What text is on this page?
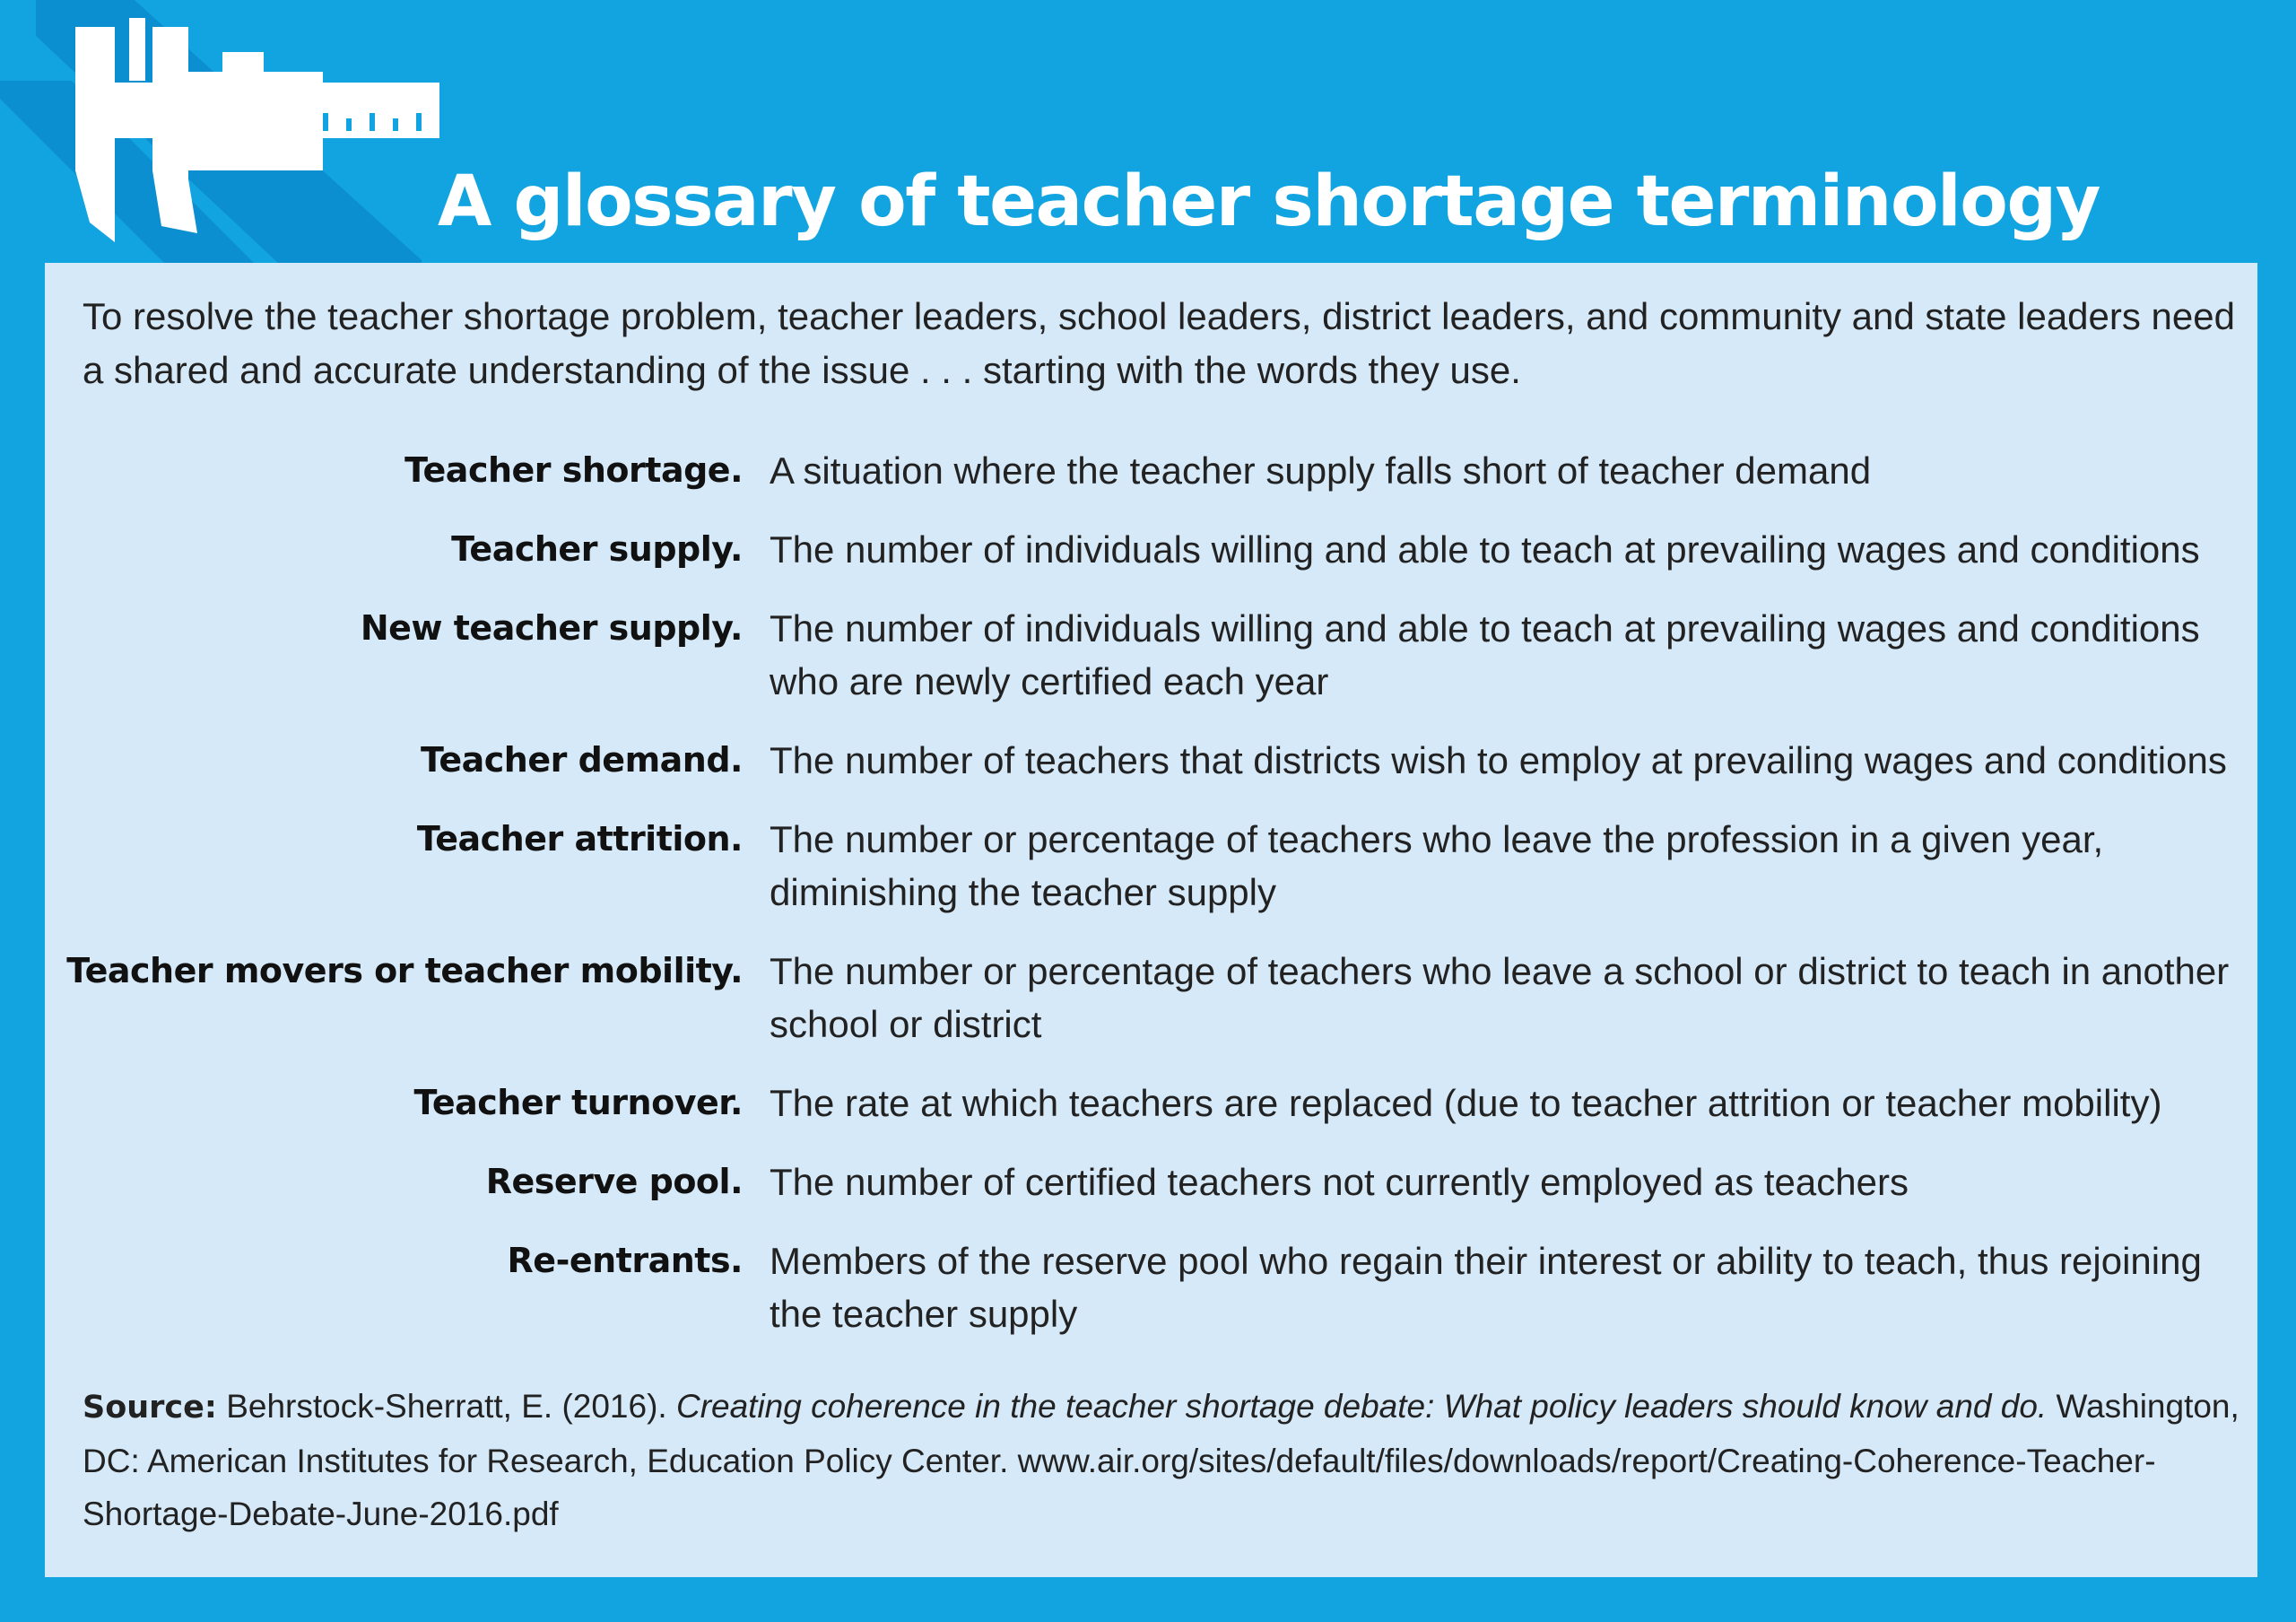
A glossary of teacher shortage terminology

To resolve the teacher shortage problem, teacher leaders, school leaders, district leaders, and community and state leaders need a shared and accurate understanding of the issue . . . starting with the words they use.

Teacher shortage. A situation where the teacher supply falls short of teacher demand
Teacher supply. The number of individuals willing and able to teach at prevailing wages and conditions
New teacher supply. The number of individuals willing and able to teach at prevailing wages and conditions who are newly certified each year
Teacher demand. The number of teachers that districts wish to employ at prevailing wages and conditions
Teacher attrition. The number or percentage of teachers who leave the profession in a given year, diminishing the teacher supply
Teacher movers or teacher mobility. The number or percentage of teachers who leave a school or district to teach in another school or district
Teacher turnover. The rate at which teachers are replaced (due to teacher attrition or teacher mobility)
Reserve pool. The number of certified teachers not currently employed as teachers
Re-entrants. Members of the reserve pool who regain their interest or ability to teach, thus rejoining the teacher supply

Source: Behrstock-Sherratt, E. (2016). Creating coherence in the teacher shortage debate: What policy leaders should know and do. Washington, DC: American Institutes for Research, Education Policy Center. www.air.org/sites/default/files/downloads/report/Creating-Coherence-Teacher-Shortage-Debate-June-2016.pdf
